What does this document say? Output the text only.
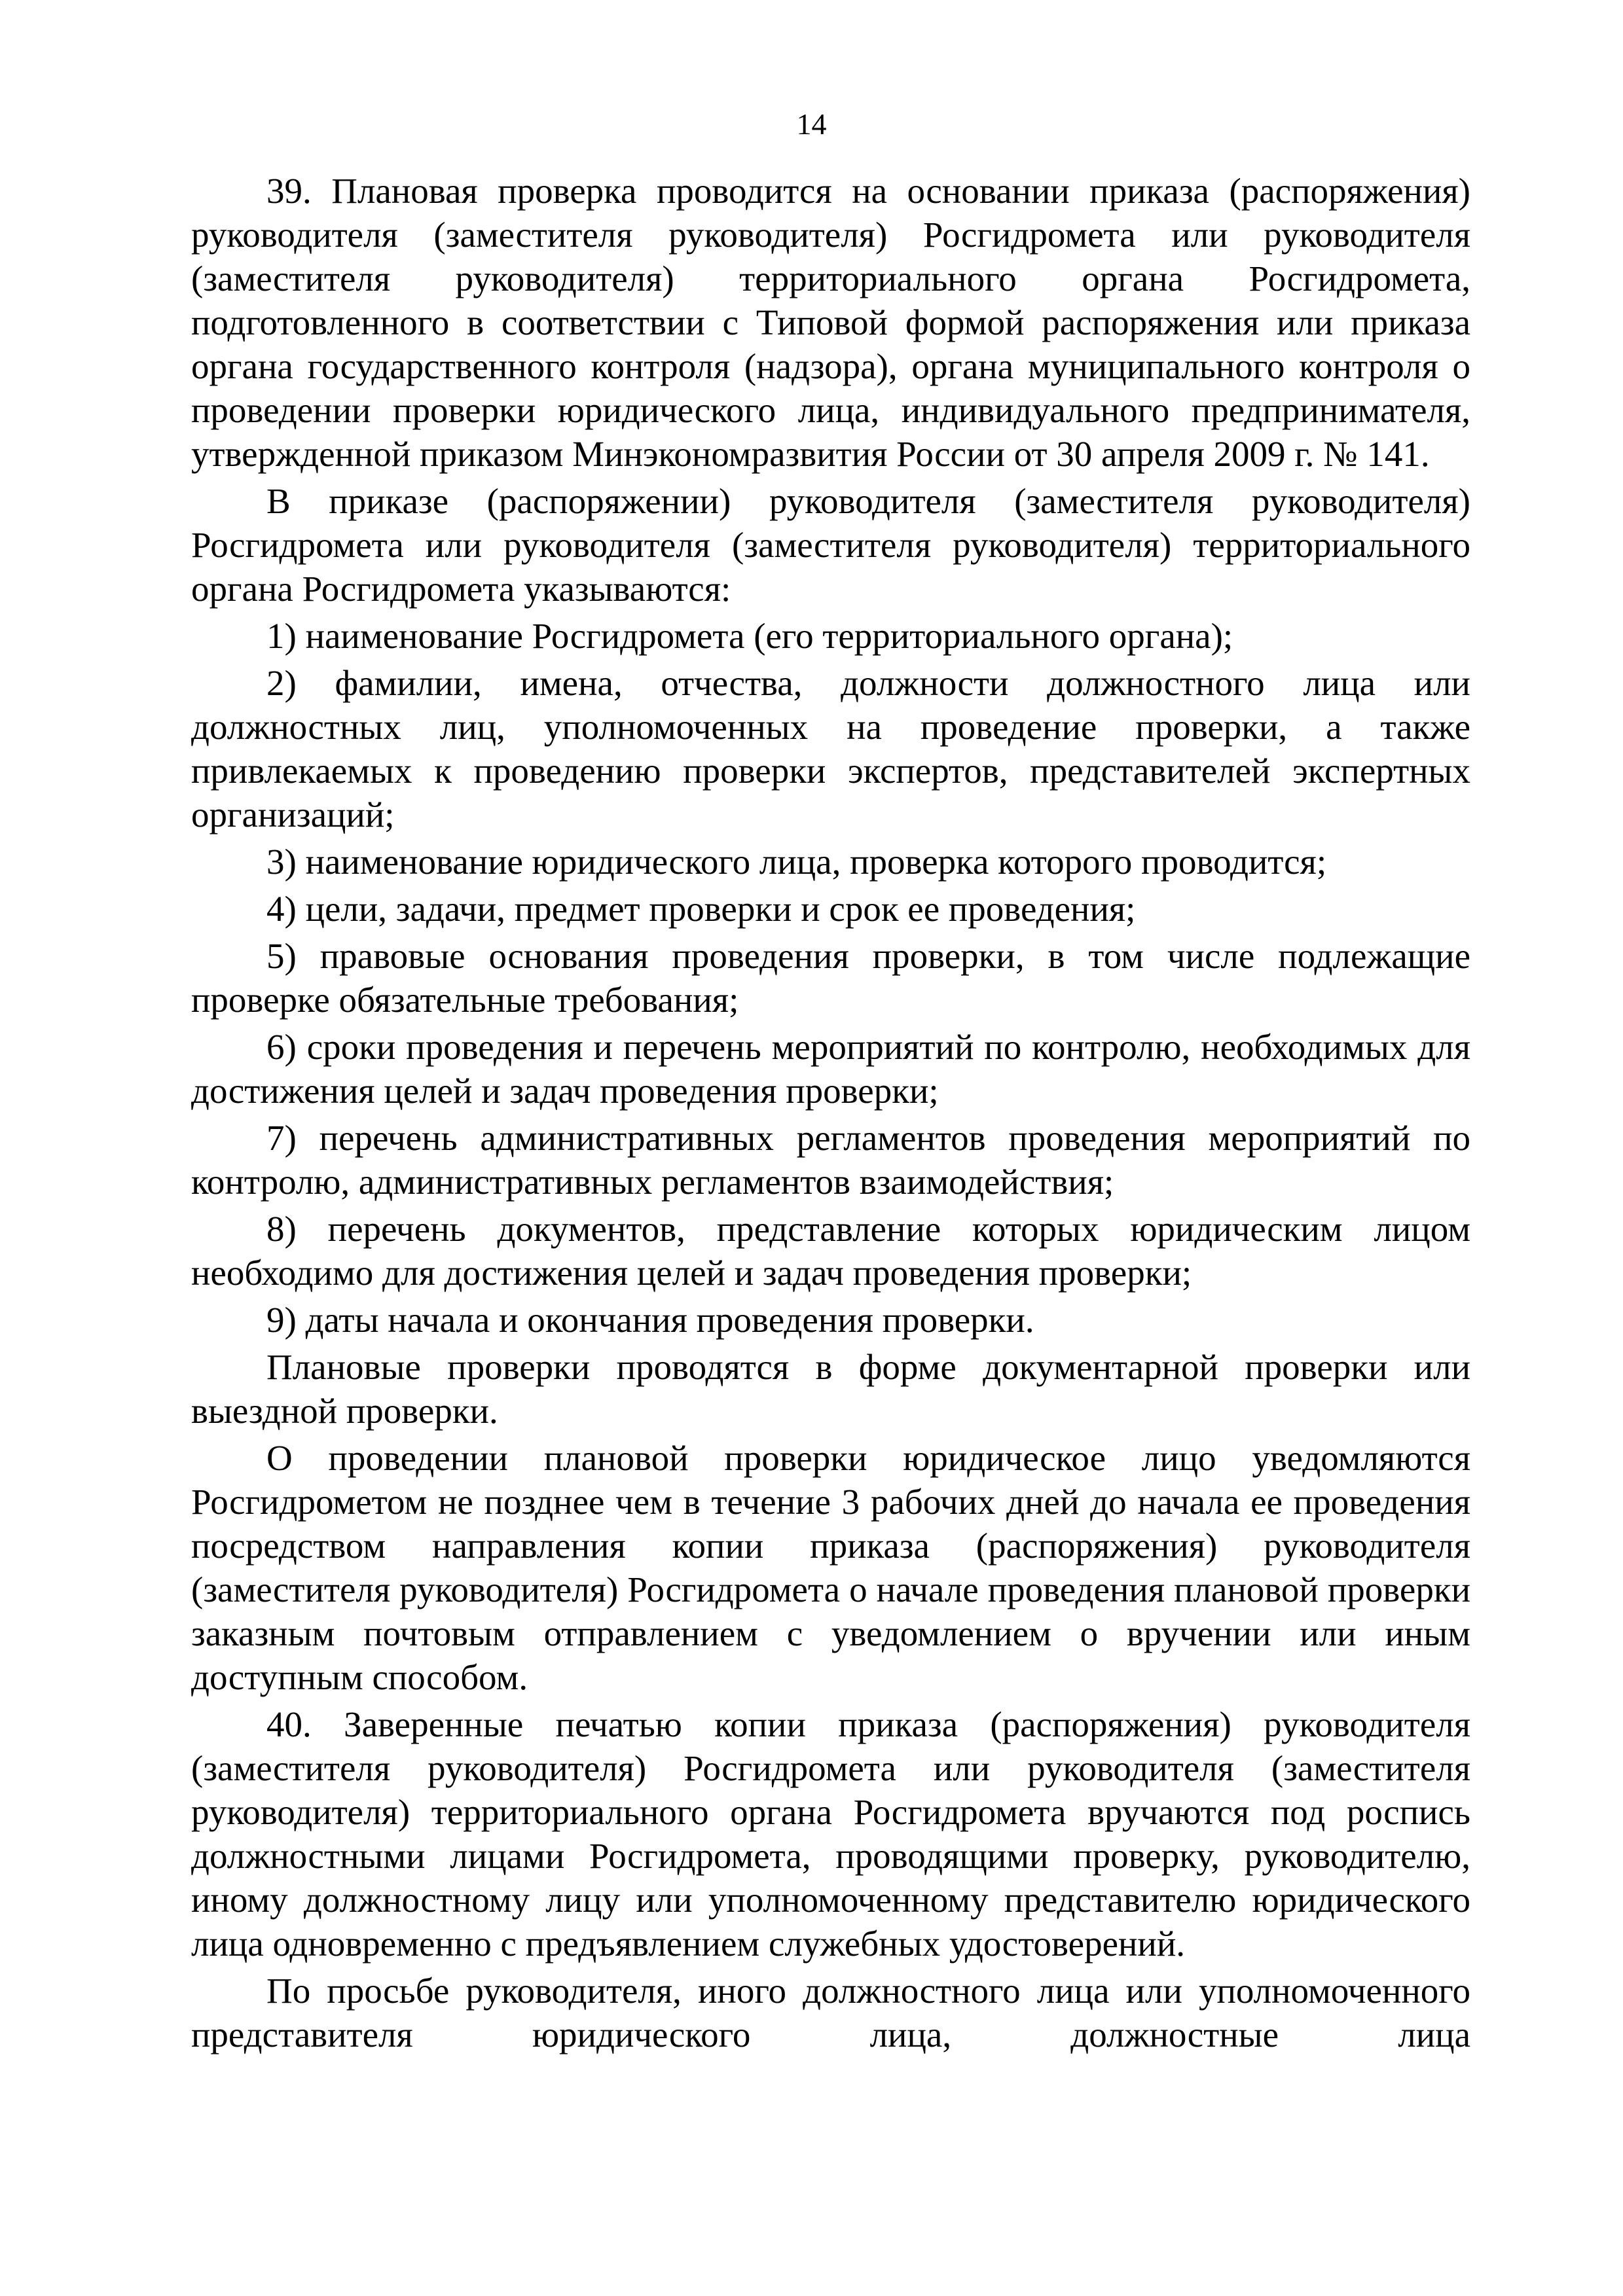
14

39. Плановая проверка проводится на основании приказа (распоряжения) руководителя (заместителя руководителя) Росгидромета или руководителя (заместителя руководителя) территориального органа Росгидромета, подготовленного в соответствии с Типовой формой распоряжения или приказа органа государственного контроля (надзора), органа муниципального контроля о проведении проверки юридического лица, индивидуального предпринимателя, утвержденной приказом Минэкономразвития России от 30 апреля 2009 г. № 141.

В приказе (распоряжении) руководителя (заместителя руководителя) Росгидромета или руководителя (заместителя руководителя) территориального органа Росгидромета указываются:

1) наименование Росгидромета (его территориального органа);

2) фамилии, имена, отчества, должности должностного лица или должностных лиц, уполномоченных на проведение проверки, а также привлекаемых к проведению проверки экспертов, представителей экспертных организаций;

3) наименование юридического лица, проверка которого проводится;

4) цели, задачи, предмет проверки и срок ее проведения;

5) правовые основания проведения проверки, в том числе подлежащие проверке обязательные требования;

6) сроки проведения и перечень мероприятий по контролю, необходимых для достижения целей и задач проведения проверки;

7) перечень административных регламентов проведения мероприятий по контролю, административных регламентов взаимодействия;

8) перечень документов, представление которых юридическим лицом необходимо для достижения целей и задач проведения проверки;

9) даты начала и окончания проведения проверки.

Плановые проверки проводятся в форме документарной проверки или выездной проверки.

О проведении плановой проверки юридическое лицо уведомляются Росгидрометом не позднее чем в течение 3 рабочих дней до начала ее проведения посредством направления копии приказа (распоряжения) руководителя (заместителя руководителя) Росгидромета о начале проведения плановой проверки заказным почтовым отправлением с уведомлением о вручении или иным доступным способом.

40. Заверенные печатью копии приказа (распоряжения) руководителя (заместителя руководителя) Росгидромета или руководителя (заместителя руководителя) территориального органа Росгидромета вручаются под роспись должностными лицами Росгидромета, проводящими проверку, руководителю, иному должностному лицу или уполномоченному представителю юридического лица одновременно с предъявлением служебных удостоверений.

По просьбе руководителя, иного должностного лица или уполномоченного представителя юридического лица, должностные лица
